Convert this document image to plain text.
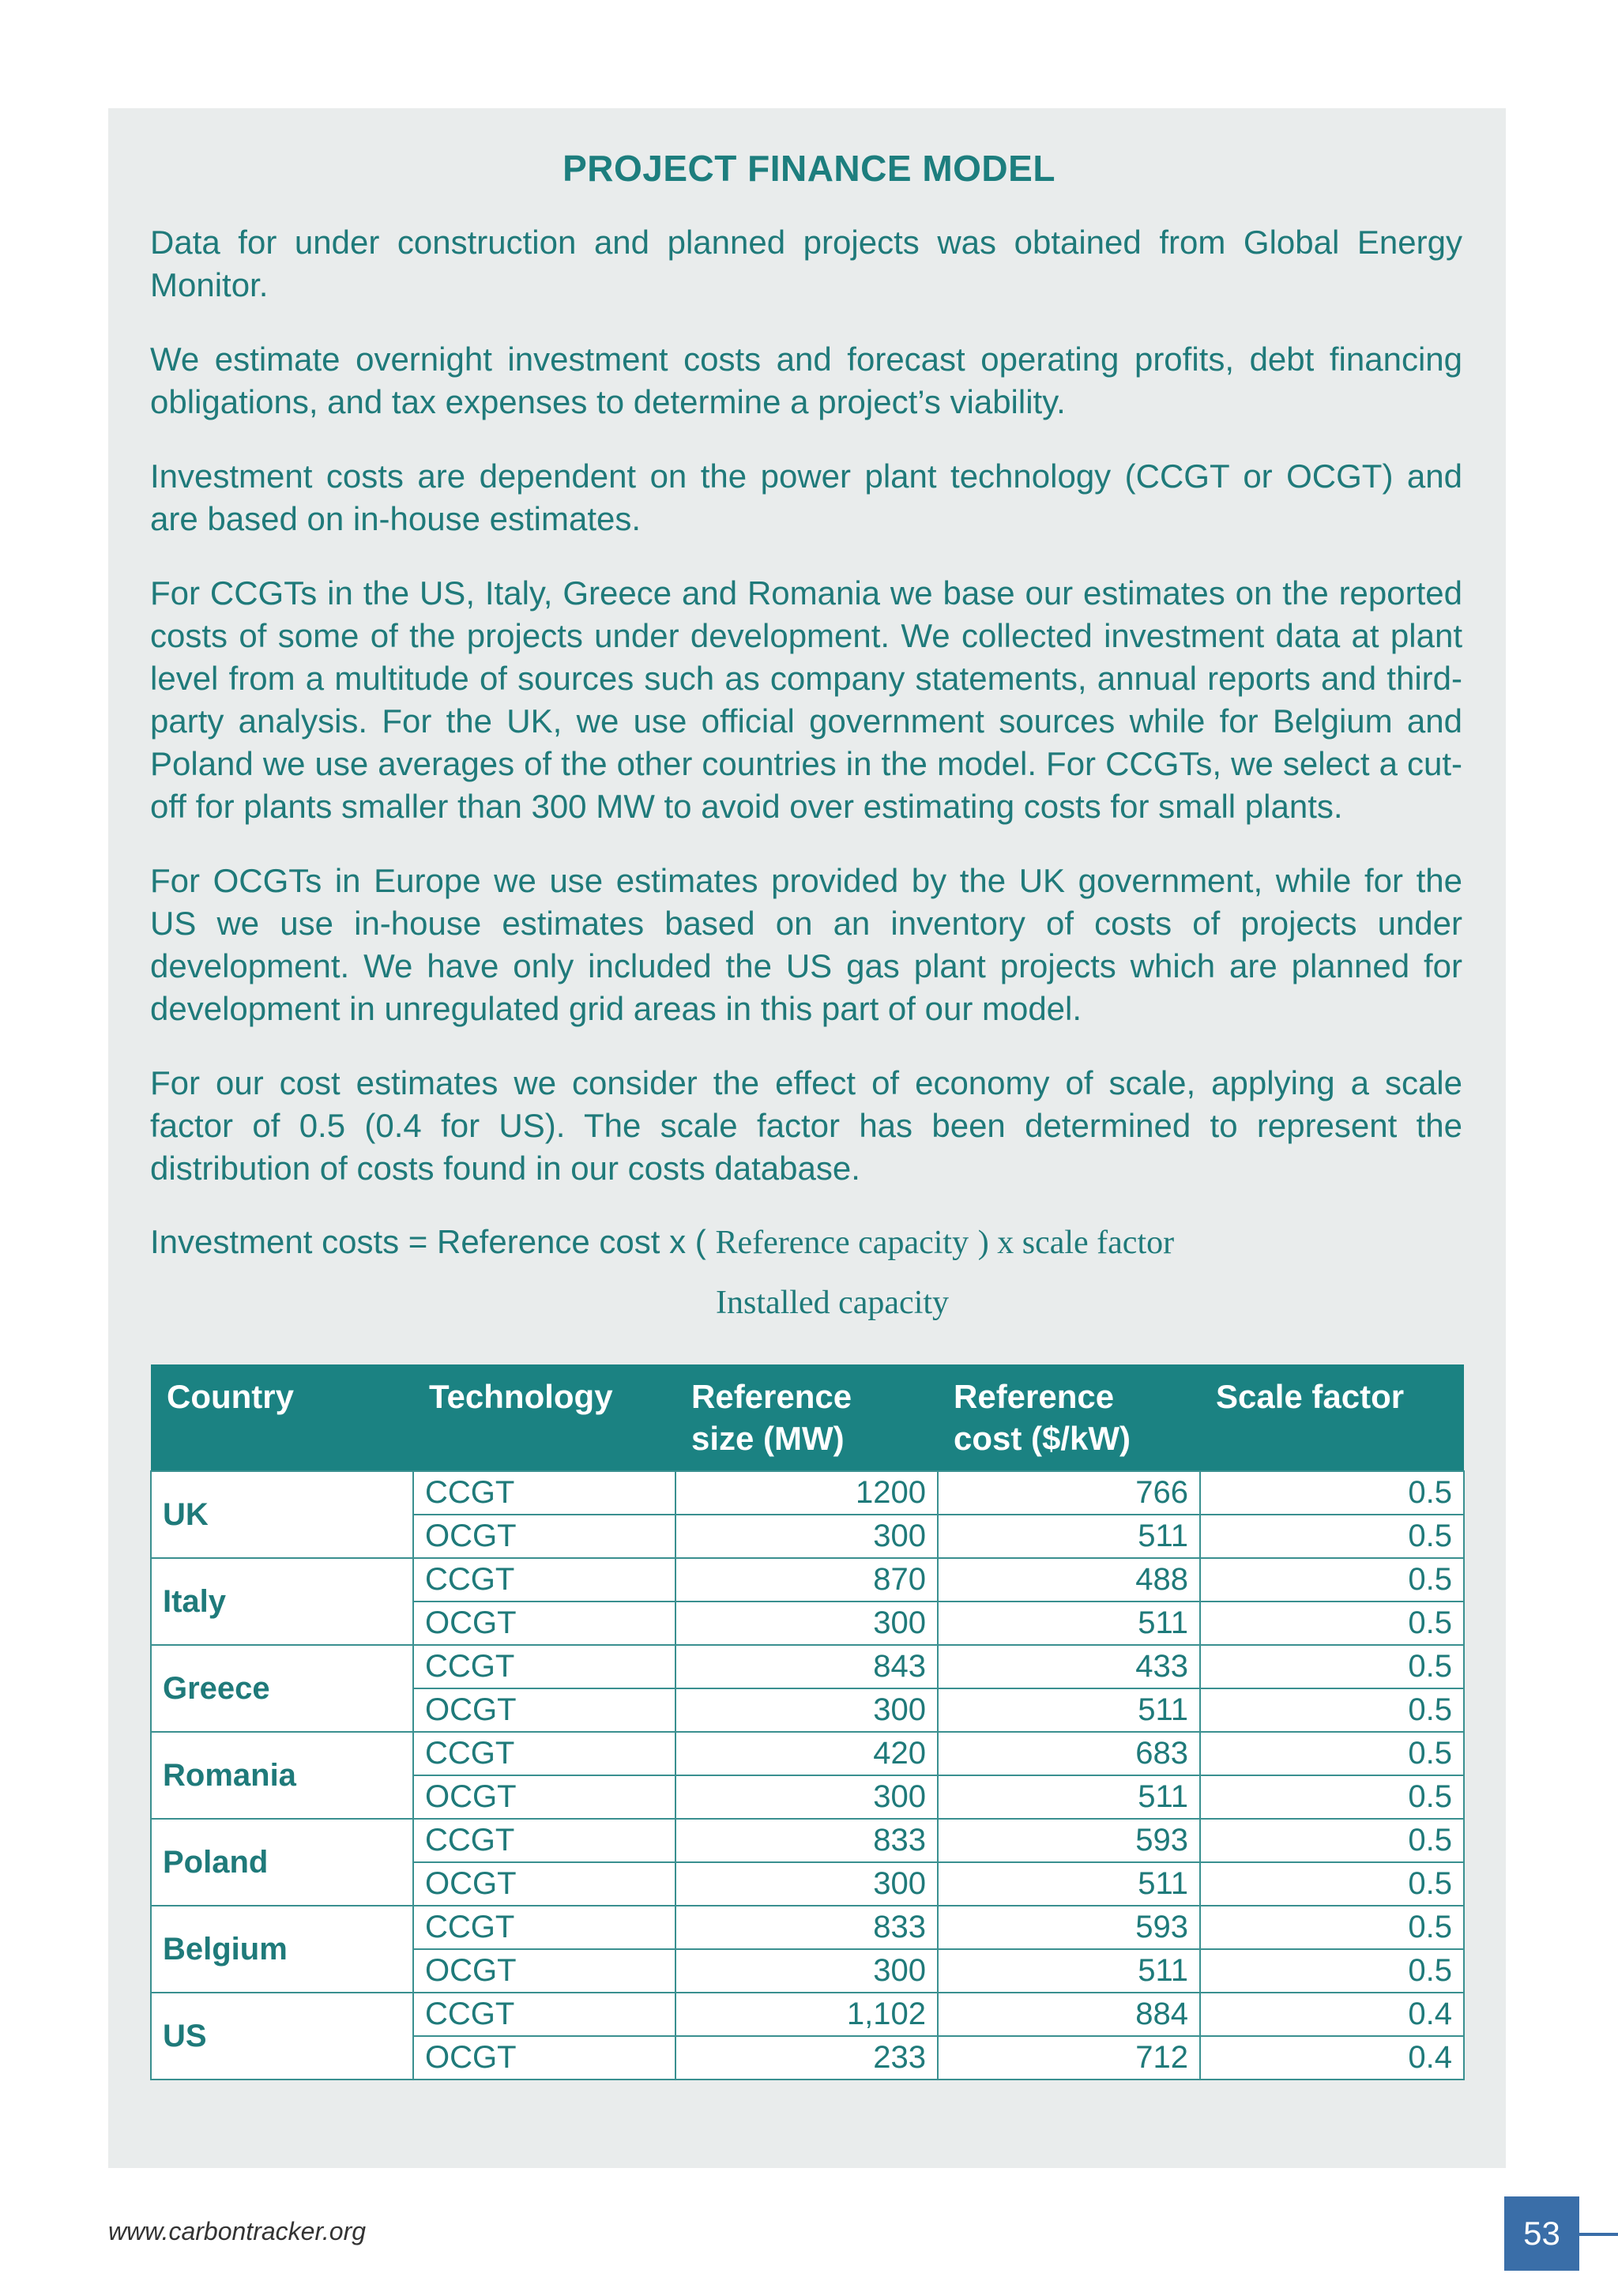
PROJECT FINANCE MODEL

Data for under construction and planned projects was obtained from Global Energy Monitor.

We estimate overnight investment costs and forecast operating profits, debt financing obligations, and tax expenses to determine a project’s viability.

Investment costs are dependent on the power plant technology (CCGT or OCGT) and are based on in-house estimates.

For CCGTs in the US, Italy, Greece and Romania we base our estimates on the reported costs of some of the projects under development. We collected investment data at plant level from a multitude of sources such as company statements, annual reports and third-party analysis. For the UK, we use official government sources while for Belgium and Poland we use averages of the other countries in the model. For CCGTs, we select a cut-off for plants smaller than 300 MW to avoid over estimating costs for small plants.

For OCGTs in Europe we use estimates provided by the UK government, while for the US we use in-house estimates based on an inventory of costs of projects under development. We have only included the US gas plant projects which are planned for development in unregulated grid areas in this part of our model.

For our cost estimates we consider the effect of economy of scale, applying a scale factor of 0.5 (0.4 for US). The scale factor has been determined to represent the distribution of costs found in our costs database.

Investment costs = Reference cost x ( Reference capacity ) x scale factor
Installed capacity
Country	Technology	Reference size (MW)	Reference cost ($/kW)	Scale factor
UK	CCGT	1200	766	0.5
	OCGT	300	511	0.5
Italy	CCGT	870	488	0.5
	OCGT	300	511	0.5
Greece	CCGT	843	433	0.5
	OCGT	300	511	0.5
Romania	CCGT	420	683	0.5
	OCGT	300	511	0.5
Poland	CCGT	833	593	0.5
	OCGT	300	511	0.5
Belgium	CCGT	833	593	0.5
	OCGT	300	511	0.5
US	CCGT	1,102	884	0.4
	OCGT	233	712	0.4
www.carbontracker.org	53
